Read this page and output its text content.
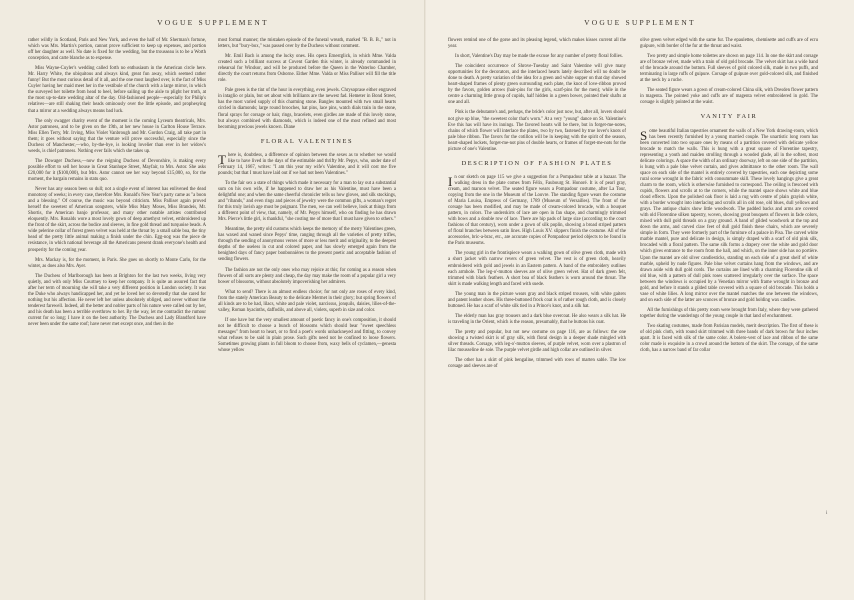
VOGUE SUPPLEMENT

rather wildly in Scotland, Paris and New York, and even the half of Mr. Sherman's fortune, which was Mrs. Martin's portion, cannot prove sufficient to keep up expenses, and portion off her daughter as well. No date is fixed for the wedding, but the trousseau is to be a Worth conception, and carte blanche as to expense.

Miss Wayne-Cuyler's wedding called forth no enthusiasm in the American circle here. Mr. Harry White, the ubiquitous and always kind, great fun away, which seemed rather funny! But the most curious detail of it all, and the one most laughed over, is the fact of Miss Cuyler having her maid meet her in the vestibule of the church with a large mirror, in which the surveyed her toilette from head to heel, before sailing up the aisle to plight her troth, at the most up-to-date wedding altar of the day. Old-fashioned people—especially for Philip's relatives—are still shaking their heads ominously over the little episode, and prophesying that a mirror at a wedding always means bad luck.

The only swagger charity event of the moment is the coming Lyceum theatricals, Mrs. Astor patroness, and to be given on the 19th, at her new house in Carlton House Terrace. Miss Ellen Terry, Mr. Irving, Miss Violet Vanbrough and Mr. Gordon Craig, all take part in them; it goes without saying that the venture will prove successful, especially since the Duchess of Manchester,—who, by-the-bye, is looking lovelier than ever in her widow's weeds, is chief patroness. Nothing ever fails which she takes up.

The Dowager Duchess,—now the reigning Duchess of Devonshire, is making every possible effort to sell her house in Great Stanhope Street, Mayfair, to Mrs. Astor. She asks £20,000 for it ($100,000), but Mrs. Astor cannot see her way beyond £15,000, so, for the moment, the bargain remains in statu quo.

Never has any season been so dull; not a single event of interest has enlivened the dead monotony of weeks; in every case, therefore Mrs. Ronald's New Year's party came as "a boon and a blessing." Of course, the music was beyond criticism. Miss Palliser again proved herself the sweetest of American songsters, while Miss Mary Moses, Miss Brandeis, Mr. Shortis, the American banjo professor, and many other notable artistes contributed eloquently. Mrs. Ronalds wore a most lovely gown of deep amethyst velvet, embroidered up the front of the skirt, across the bodice and sleeves, in fine gold thread and turquoise beads. A wide pelerine collar of forest green velvet was held at the throat by a small sable boa, the tiny head of the pretty little animal making a finish under the chin. Egg-nog was the piece de resistance, in which national beverage all the Americans present drank everyone's health and prosperity for the coming year.

Mrs. Mackay is, for the moment, in Paris. She goes on shortly to Monte Carlo, for the winter, as does also Mrs. Ayer.

The Duchess of Marlborough has been at Brighton for the last two weeks, living very quietly, and with only Miss Courtney to keep her company. It is quite an assured fact that after her term of mourning she will take a very different position in London society. It was the Duke who always handicapped her, and yet he loved her so devotedly that she cared for nothing but his affection. He never left her unless absolutely obliged, and never without the tenderest farewell. Indeed, all the better and nobler parts of his nature were called out by her, and his death has been a terrible overthrow to her. By the way, let me contradict the rumour current for so long; I have it on the best authority. The Duchess and Lady Blandford have never been under the same roof; have never met except once, and then in the

most formal manner; the mistaken episode of the funeral wreath, marked "B. B. B.," not in letters, but "bury-box," was passed over by the Duchess without comment.

Mr. Emil Bach is among the lucky ones. His opera Ernestglick, in which Mme. Valda created such a brilliant success at Covent Garden this winter, is already commanded in rehearsal for Windsor, and will be produced before the Queen in the Waterloo Chamber, directly the court returns from Osborne. Either Mme. Valda or Miss Palliser will fill the title role.

Pale green is the tint of the hour in everything, even jewels. Chrysoprase either engraved in intaglio or plain, but set about with brilliants are the newest fad. Hemeter in Bond Street, has the most varied supply of this charming stone. Bangles mounted with two small hearts circled in diamonds; large round brooches, hat pins, lace pins, watch dials train in the stone, floral sprays for corsage or hair, rings, bracelets, even girdles are made of this lovely stone, but always combined with diamonds, which is indeed one of the most refined and most becoming precious jewels known. Diane

FLORAL VALENTINES

There is, doubtless, a difference of opinion between the sexes as to whether we would like to have lived in the days of the estimable and thrifty Mr. Pepys, who, under date of February 14, 1667, writes: "I am this year my wife's Valentine, and it will cost me five pounds; but that I must have laid out if we had not been Valentines."

To the fair sex a state of things which made it necessary for a man to lay out a substantial sum on his own wife, if he happened to draw her as his Valentine, must have been a delightful one; and when the same cheerful chronicler tells us how gloves, and silk stockings, and "ribands," and even rings and pieces of jewelry were the common gifts, a woman's regret for this truly lavish age must be poignant. The men, we can well believe, look at things from a different point of view, that, namely, of Mr. Pepys himself, who on finding he has drawn Mrs. Pierce's little girl, is thankful, "she costing me of more that I must have given to others."

Meantime, the pretty old customs which keeps the memory of the merry Valentines green, has waxed and waned since Pepys' time, ranging through all the varieties of pretty trifles, through the sending of anonymous verses of more or less merit and originality, to the deepest depths of the useless in cut and colored paper, and has slowly emerged again from the benighted days of fancy paper bonbonnières to the present poetic and acceptable fashion of sending flowers.

The fashion are not the only ones who may rejoice at this; for coming as a reason when flowers of all sorts are plenty and cheap, the day may make the room of a popular girl a very bower of blossoms, without absolutely impoverishing her admirers.

What to send? There is an almost endless choice; for not only are roses of every kind, from the stately American Beauty to the delicate Mermet in their glory; but spring flowers of all kinds are to be had, lilacs, white and pale violet, narcissus, jonquils, daisies, lilies-of-the-valley, Roman hyacinths, daffodils, and above all, violets, superb in size and color.

If one have but the very smallest amount of poetic fancy in one's composition, it should not be difficult to choose a bunch of blossoms which should bear "sweet speechless messages" from heart to heart, or to find a poet's words unhackneyed and fitting, to convey what refuses to be said in plain prose. Such gifts need not be confined to loose flowers. Sometimes growing plants in full bloom to choose from, waxy bells of cyclamen,—genesta whose yellow

VOGUE SUPPLEMENT

flowers remind one of the gorse and its pleasing legend, which makes kisses current all the year.

In short, Valentine's Day may be made the excuse for any number of pretty floral follies.

The coincident occurrence of Shrove-Tuesday and Saint Valentine will give many opportunities for the decorators, and the interlaced hearts lately described will no doubt be done to death. A pretty variation of the idea for a green and white supper on that day showed heart-shaped frames of plenty green surrounding each plate, the knot of love-ribbon proved by the favors, golden arrows (hair-pins for the girls, scarf-pins for the men); while in the centre a charming little group of cupids, half hidden in a green bower, pointed their shafts at one and all.

Pink is the debutante's and, perhaps, the bride's color just now, but, after all, lovers should not give up blue, "the sweetest color that's worn." At a very "young" dance on St. Valentine's Eve this has will have its innings. The favored hearts will be there, but in forget-me-notes, chains of which flower will interlace the plates, two by two, fastened by true lover's knots of pale blue ribbon. The favors for the cotillon will be in keeping with the spirit of the season, heart-shaped lockets, forget-me-not pins of double hearts, or frames of forget-me-nots for the picture of one's Valentine.

DESCRIPTION OF FASHION PLATES

In our sketch on page 115 we give a suggestion for a Pompadour table at a bazaar. The walking dress in the plate comes from Félix, Faubourg St. Honoré. It is of pearl gray, cream, and maroon velvet. The seated figure wears a Pompadour costume, after La Tour, copying from the one in the Museum of the Louvre. The standing figure wears the costume of Maria Louisa, Empress of Germany, 1789 (Museum of Versailles). The front of the corsage has been modified, and may be made of cream-colored brocade, with a bouquet pattern, in colors. The underskirts of lace are open in fan shape, and charmingly trimmed with bows and a double row of lace. There are hip pads of large size (according to the court fashions of that century), worn under a gown of silk poplin, showing a broad striped pattern of floral branches between satin lines. High Louis XV. slippers finish the costume. All of the accessories, bric-a-brac, etc., are accurate copies of Pompadour period objects to be found in the Paris museums.

The young girl in the frontispiece wears a walking gown of olive green cloth, made with a short jacket with narrow revers of green velvet. The vest is of green cloth, heavily embroidered with gold and jewels in an Eastern pattern. A band of the embroidery outlines each armhole. The leg-o'-mutton sleeves are of olive green velvet. Hat of dark green felt, trimmed with black feathers. A short boa of black feathers is worn around the throat. The skirt is made walking length and faced with suede.

The young man in the picture wears gray and black striped trousers, with white gaiters and patent leather shoes. His three-buttoned frock coat is of rather rough cloth, and is closely buttoned. He has a scarf of white silk tied in a Prince's knot, and a silk hat.

The elderly man has gray trousers and a dark blue overcoat. He also wears a silk hat. He is traveling in the Orient, which is the reason, presumably, that he buttons his coat.

The pretty and popular, but not new costume on page 116, are as follows: the one showing a twisted skirt is of gray silk, with floral design in a deeper shade mingled with silver threads. Corsage, with leg-o'-mutton sleeves, of purple velvet, worn over a plastron of lilac mousseline de soie. The purple velvet girdle and high collar are outlined in silver.

The other has a skirt of pink bengaline, trimmed with rows of marten sable. The low corsage and sleeves are of

olive green velvet edged with the same fur. The epaulettes, chemisette and cuffs are of ecru guipure, with border of the fur at the throat and waist.

Two pretty and simple home toilettes are shown on page 114. In one the skirt and corsage are of bronze velvet, made with a train of old gold brocade. The velvet skirt has a wide band of the brocade around the bottom. Full sleeves of gold colored silk, made in two puffs, and terminating in large ruffs of guipure. Corsage of guipure over gold-colored silk, and finished at the neck by a ruche.

The seated figure wears a gown of cream-colored China silk, with Dresden flower pattern in magenta. The pointed yoke and cuffs are of magenta velvet embroidered in gold. The corsage is slightly pointed at the waist.

VANITY FAIR

Some beautiful Italian tapestries ornament the walls of a New York drawing-room, which has been recently furnished by a young married couple. The unartistic long room has been converted into two square ones by means of a partition covered with delicate yellow brocade to match the walls. This is hung with a great square of Florentine tapestry, representing a youth and maiden strolling through a wooded glade, all in the softest, most delicate colorings. A space the width of an ordinary doorway, left on one side of the partition, is hung with a pale blue velvet curtain, and gives admittance to the other room. The wall space on each side of the mantel is entirely covered by tapestries, each one depicting some rural scene wrought in the fabric with consummate skill. These lovely hangings give a great charm to the room, which is otherwise furnished to correspond. The ceiling is frescoed with cupids, flowers and scrolls at to the corners, while the mantel space shows white and blue cloud effects. Upon the polished oak floor is laid a rug with centre of plain grayish white, with a border wrought into interlacing and scrolls all in old rose, old blues, dull yellows and grays. The antique chairs show little woodwork. The padded backs and arms are covered with old Florentine silken tapestry, woven, showing great bouquets of flowers in fade colors, mixed with dull gold threads on a gray ground. A band of gilded woodwork at the top and down the arms, and carved claw feet of dull gold finish these chairs, which are severely simple in form. They were formerly part of the furniture of a palace in Pisa. The carved white marble mantel, pure and delicate in design, is simply draped with a scarf of old pink silk, brocaded with a floral pattern. The same silk forms a drapery over the white and gold door which gives entrance to the room from the hall, and which, on the inner side has no portière. Upon the mantel are old silver candlesticks, standing on each side of a great shelf of white marble, upheld by nude figures. Pale blue velvet curtains hang from the windows, and are drawn aside with dull gold cords. The curtains are lined with a charming Florentine silk of old blue, with a pattern of dull pink roses scattered irregularly over the surface. The space between the windows is occupied by a Venetian mirror with frame wrought in bronze and gold, and before it stands a gilded table covered with a square of old brocade. This holds a vase of white lilies. A long mirror over the mantel matches the one between the windows, and on each side of the latter are sconces of bronze and gold holding wax candles.

All the furnishings of this pretty room were brought from Italy, where they were gathered together during the wanderings of the young couple in that land of enchantment.

Two skating costumes, made from Parisian models, merit description. The first of these is of old pink cloth, with round skirt trimmed with three bands of dark brown fur four inches apart. It is faced with silk of the same color. A bolero-vest of lace and ribbon of the same color made is exquisite in a crowd around the bottom of the skirt. The corsage, of the same cloth, has a narrow band of far collar

i
